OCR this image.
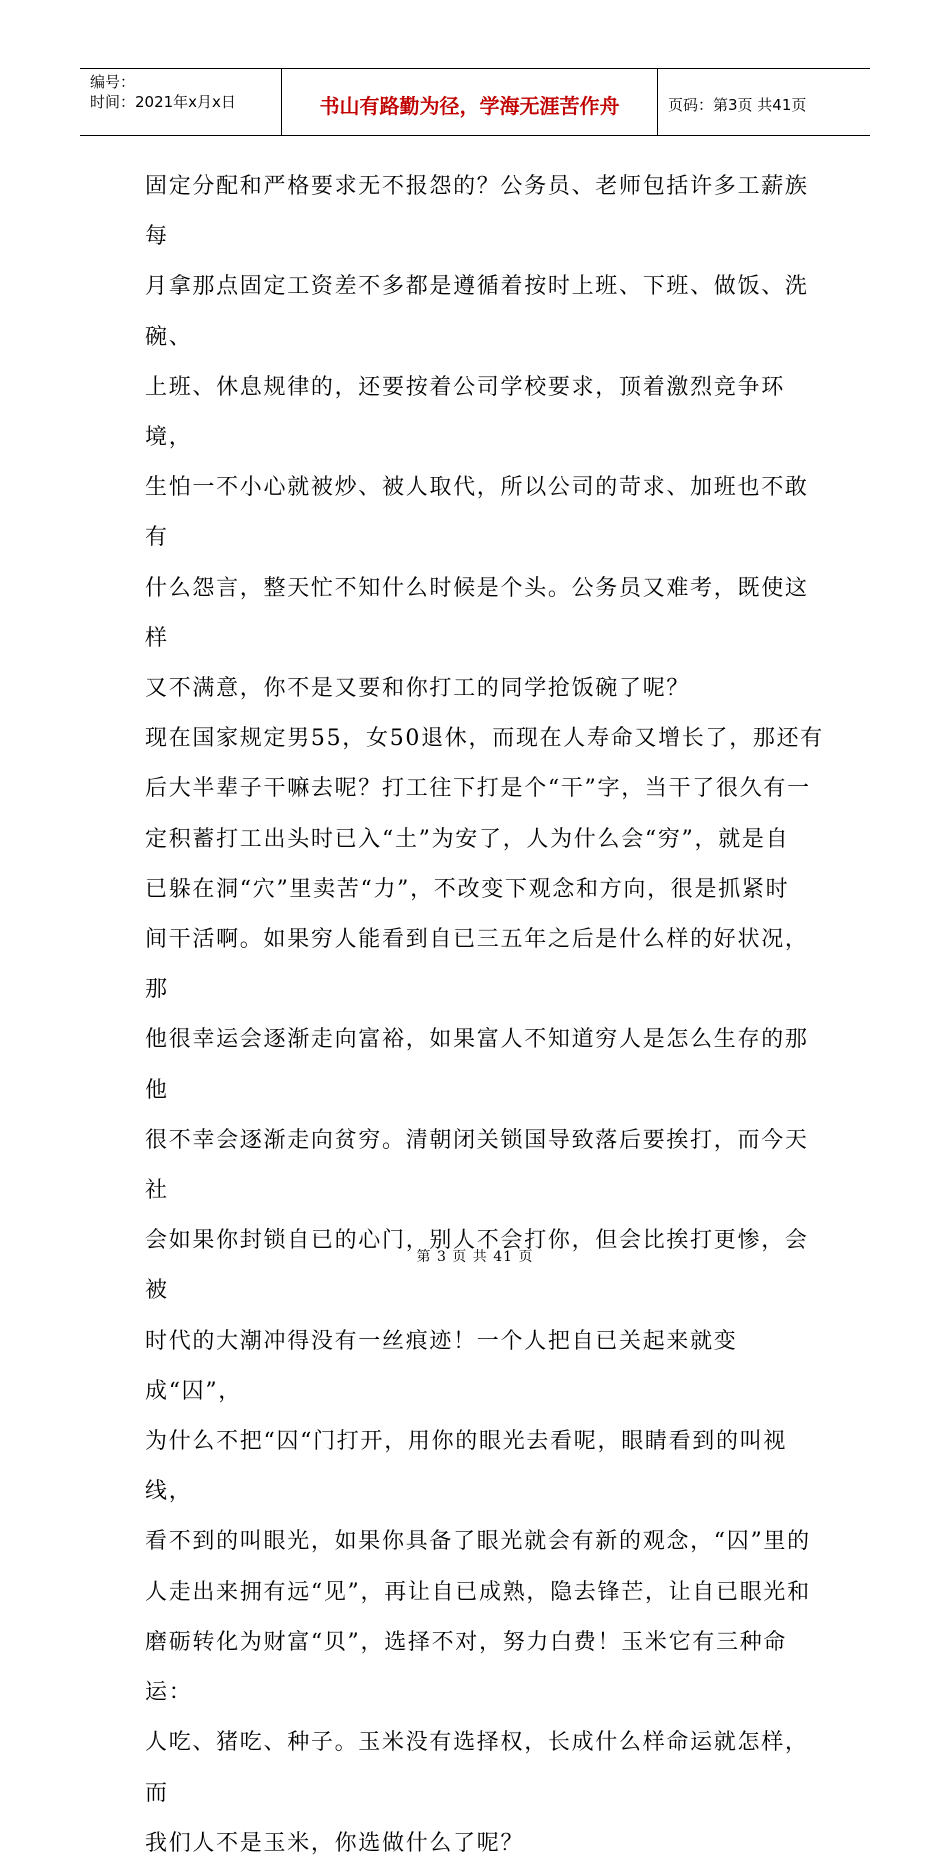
编号：
时间：2021年x月x日	书山有路勤为径，学海无涯苦作舟	页码：第3页 共41页

固定分配和严格要求无不报怨的？公务员、老师包括许多工薪族每
月拿那点固定工资差不多都是遵循着按时上班、下班、做饭、洗碗、
上班、休息规律的，还要按着公司学校要求，顶着激烈竞争环境，
生怕一不小心就被炒、被人取代，所以公司的苛求、加班也不敢有
什么怨言，整天忙不知什么时候是个头。公务员又难考，既使这样
又不满意，你不是又要和你打工的同学抢饭碗了呢？

现在国家规定男55，女50退休，而现在人寿命又增长了，那还有
后大半辈子干嘛去呢？打工往下打是个“干”字，当干了很久有一
定积蓄打工出头时已入“土”为安了，人为什么会“穷”，就是自
已躲在洞“穴”里卖苦“力”，不改变下观念和方向，很是抓紧时
间干活啊。如果穷人能看到自已三五年之后是什么样的好状况，那
他很幸运会逐渐走向富裕，如果富人不知道穷人是怎么生存的那他
很不幸会逐渐走向贫穷。清朝闭关锁国导致落后要挨打，而今天社
会如果你封锁自已的心门，别人不会打你，但会比挨打更惨，会被
时代的大潮冲得没有一丝痕迹！一个人把自已关起来就变成“囚”，
为什么不把“囚“门打开，用你的眼光去看呢，眼睛看到的叫视线，
看不到的叫眼光，如果你具备了眼光就会有新的观念，“囚”里的
人走出来拥有远“见”，再让自已成熟，隐去锋芒，让自已眼光和
磨砺转化为财富“贝”，选择不对，努力白费！玉米它有三种命运：
人吃、猪吃、种子。玉米没有选择权，长成什么样命运就怎样，而
我们人不是玉米，你选做什么了呢？

第 3 页 共 41 页
